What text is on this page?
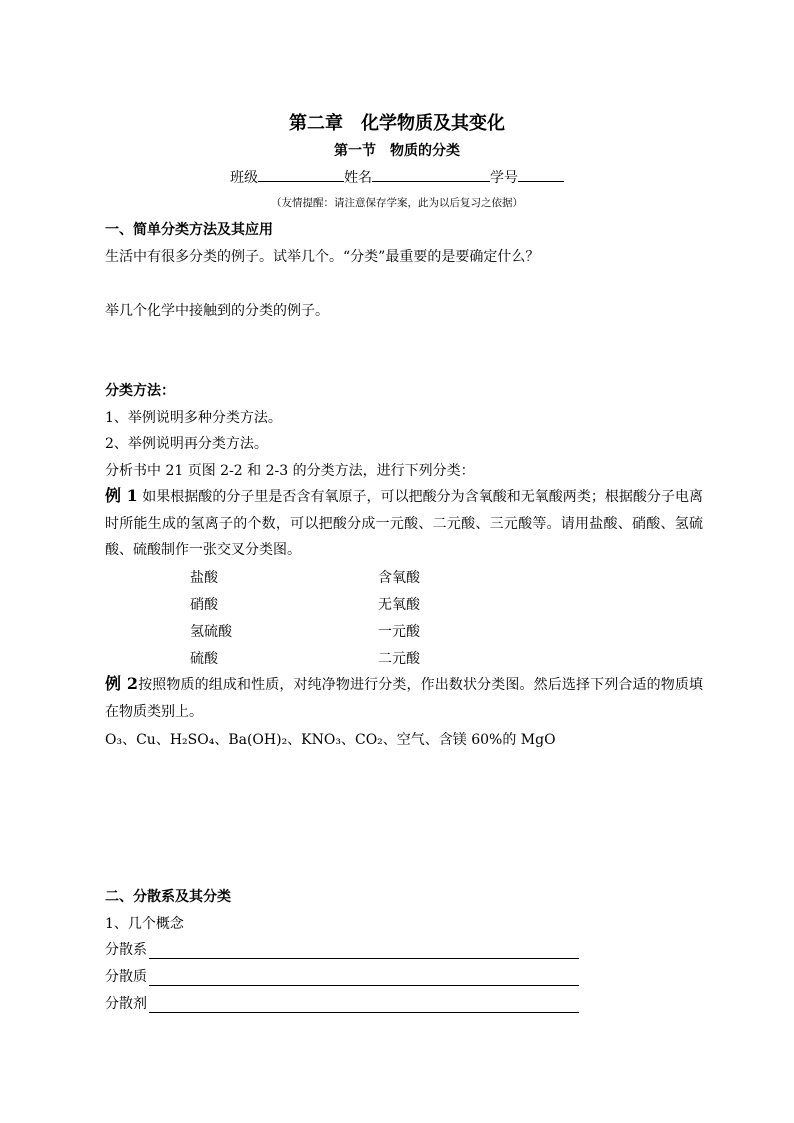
第二章　化学物质及其变化
第一节　物质的分类
班级	姓名	学号
（友情提醒：请注意保存学案，此为以后复习之依据）
一、简单分类方法及其应用
生活中有很多分类的例子。试举几个。“分类”最重要的是要确定什么？
举几个化学中接触到的分类的例子。
分类方法：
1、举例说明多种分类方法。
2、举例说明再分类方法。
分析书中 21 页图 2-2 和 2-3 的分类方法，进行下列分类：
例 1 如果根据酸的分子里是否含有氧原子，可以把酸分为含氧酸和无氧酸两类；根据酸分子电离时所能生成的氢离子的个数，可以把酸分成一元酸、二元酸、三元酸等。请用盐酸、硝酸、氢硫酸、硫酸制作一张交叉分类图。
盐酸
硝酸
氢硫酸
硫酸
含氧酸
无氧酸
一元酸
二元酸
例 2按照物质的组成和性质，对纯净物进行分类，作出数状分类图。然后选择下列合适的物质填在物质类别上。
O₃、Cu、H₂SO₄、Ba(OH)₂、KNO₃、CO₂、空气、含镁 60%的 MgO
二、分散系及其分类
1、几个概念
分散系
分散质
分散剂
